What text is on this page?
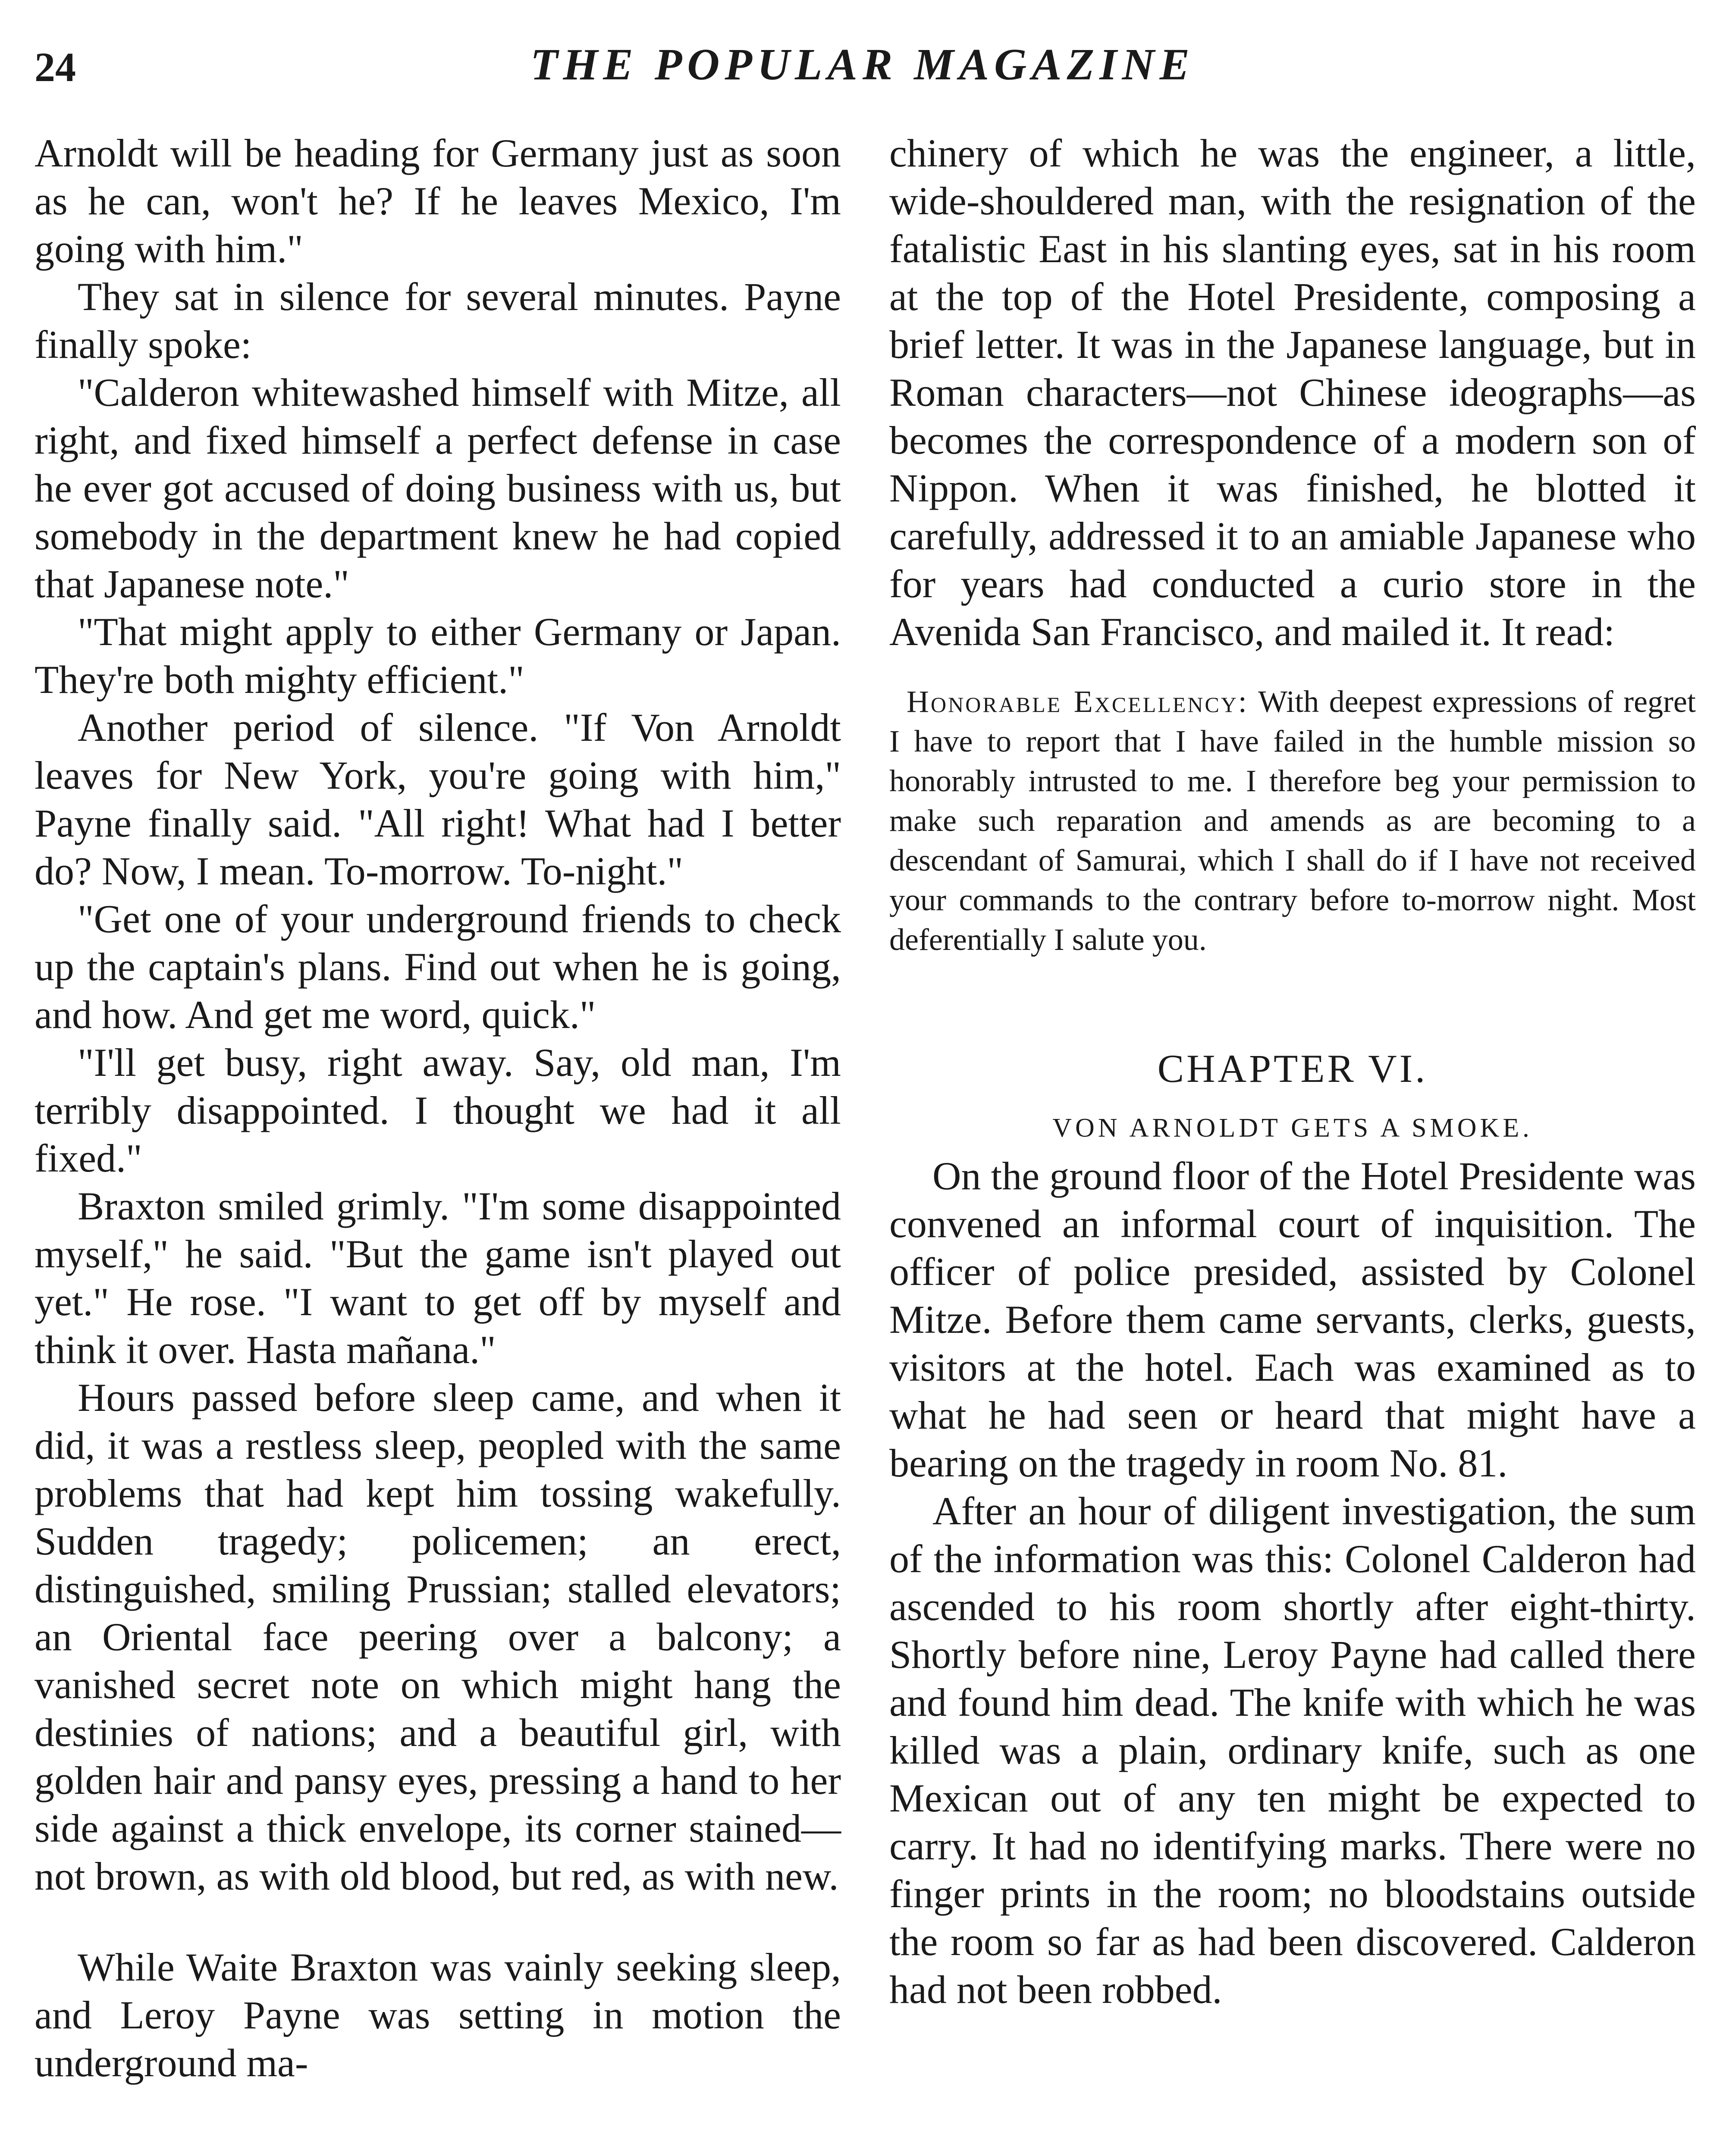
24	THE POPULAR MAGAZINE

Arnoldt will be heading for Germany just as soon as he can, won't he? If he leaves Mexico, I'm going with him."

They sat in silence for several minutes. Payne finally spoke:

"Calderon whitewashed himself with Mitze, all right, and fixed himself a perfect defense in case he ever got accused of doing business with us, but somebody in the department knew he had copied that Japanese note."

"That might apply to either Germany or Japan. They're both mighty efficient."

Another period of silence. "If Von Arnoldt leaves for New York, you're going with him," Payne finally said. "All right! What had I better do? Now, I mean. To-morrow. To-night."

"Get one of your underground friends to check up the captain's plans. Find out when he is going, and how. And get me word, quick."

"I'll get busy, right away. Say, old man, I'm terribly disappointed. I thought we had it all fixed."

Braxton smiled grimly. "I'm some disappointed myself," he said. "But the game isn't played out yet." He rose. "I want to get off by myself and think it over. Hasta mañana."

Hours passed before sleep came, and when it did, it was a restless sleep, peopled with the same problems that had kept him tossing wakefully. Sudden tragedy; policemen; an erect, distinguished, smiling Prussian; stalled elevators; an Oriental face peering over a balcony; a vanished secret note on which might hang the destinies of nations; and a beautiful girl, with golden hair and pansy eyes, pressing a hand to her side against a thick envelope, its corner stained—not brown, as with old blood, but red, as with new.

While Waite Braxton was vainly seeking sleep, and Leroy Payne was setting in motion the underground ma-

chinery of which he was the engineer, a little, wide-shouldered man, with the resignation of the fatalistic East in his slanting eyes, sat in his room at the top of the Hotel Presidente, composing a brief letter. It was in the Japanese language, but in Roman characters—not Chinese ideographs—as becomes the correspondence of a modern son of Nippon. When it was finished, he blotted it carefully, addressed it to an amiable Japanese who for years had conducted a curio store in the Avenida San Francisco, and mailed it. It read:

Honorable Excellency: With deepest expressions of regret I have to report that I have failed in the humble mission so honorably intrusted to me. I therefore beg your permission to make such reparation and amends as are becoming to a descendant of Samurai, which I shall do if I have not received your commands to the contrary before to-morrow night. Most deferentially I salute you.

CHAPTER VI.
VON ARNOLDT GETS A SMOKE.

On the ground floor of the Hotel Presidente was convened an informal court of inquisition. The officer of police presided, assisted by Colonel Mitze. Before them came servants, clerks, guests, visitors at the hotel. Each was examined as to what he had seen or heard that might have a bearing on the tragedy in room No. 81.

After an hour of diligent investigation, the sum of the information was this: Colonel Calderon had ascended to his room shortly after eight-thirty. Shortly before nine, Leroy Payne had called there and found him dead. The knife with which he was killed was a plain, ordinary knife, such as one Mexican out of any ten might be expected to carry. It had no identifying marks. There were no finger prints in the room; no bloodstains outside the room so far as had been discovered. Calderon had not been robbed.
